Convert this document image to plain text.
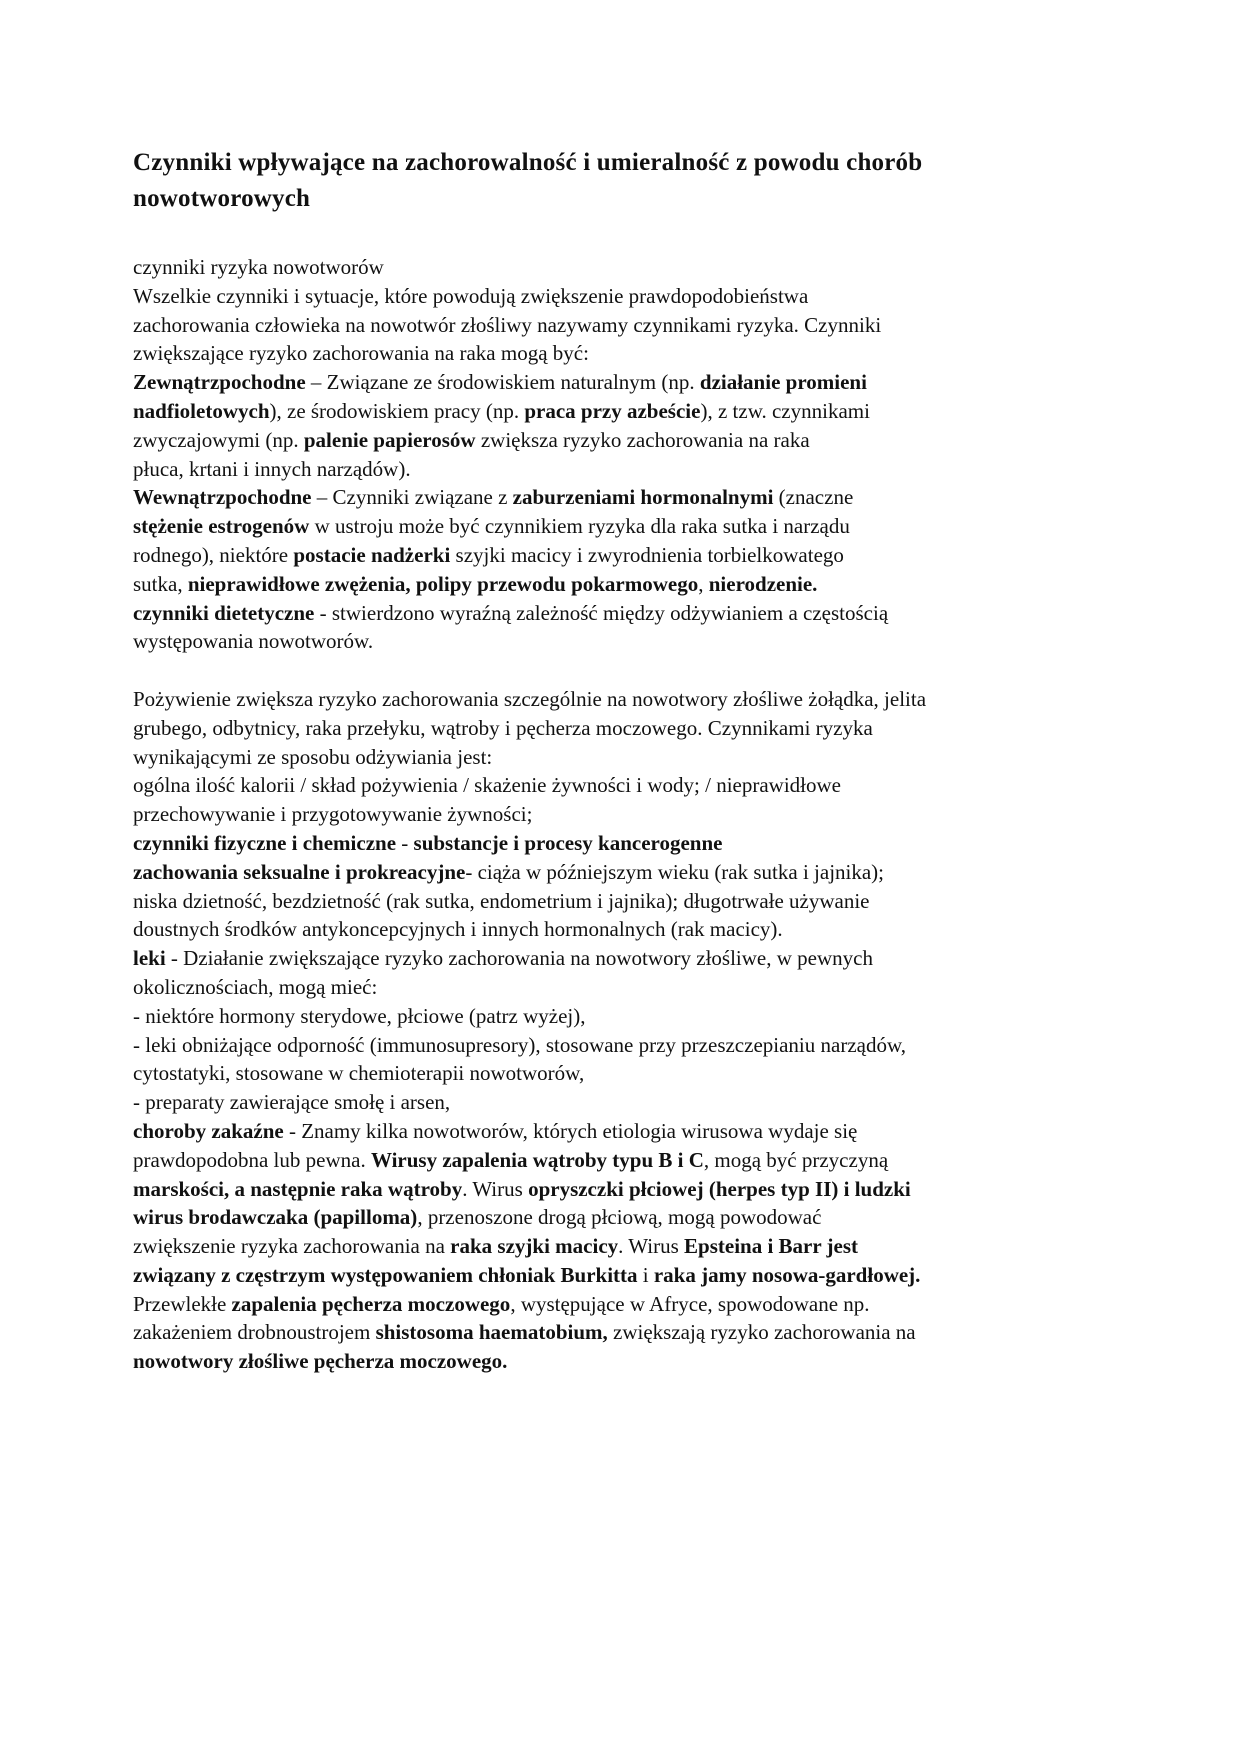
Czynniki wpływające na zachorowalność i umieralność z powodu chorób
nowotworowych
czynniki ryzyka nowotworów
Wszelkie czynniki i sytuacje, które powodują zwiększenie prawdopodobieństwa
zachorowania człowieka na nowotwór złośliwy nazywamy czynnikami ryzyka. Czynniki
zwiększające ryzyko zachorowania na raka mogą być:
Zewnątrzpochodne – Związane ze środowiskiem naturalnym (np. działanie promieni
nadfioletowych), ze środowiskiem pracy (np. praca przy azbeście), z tzw. czynnikami
zwyczajowymi (np. palenie papierosów zwiększa ryzyko zachorowania na raka
płuca, krtani i innych narządów).
Wewnątrzpochodne – Czynniki związane z zaburzeniami hormonalnymi (znaczne
stężenie estrogenów w ustroju może być czynnikiem ryzyka dla raka sutka i narządu
rodnego), niektóre postacie nadżerki szyjki macicy i zwyrodnienia torbielkowatego
sutka, nieprawidłowe zwężenia, polipy przewodu pokarmowego, nierodzenie.
czynniki dietetyczne - stwierdzono wyraźną zależność między odżywianiem a częstością
występowania nowotworów.
Pożywienie zwiększa ryzyko zachorowania szczególnie na nowotwory złośliwe żołądka, jelita
grubego, odbytnicy, raka przełyku, wątroby i pęcherza moczowego. Czynnikami ryzyka
wynikającymi ze sposobu odżywiania jest:
ogólna ilość kalorii / skład pożywienia / skażenie żywności i wody; / nieprawidłowe
przechowywanie i przygotowywanie żywności;
czynniki fizyczne i chemiczne - substancje i procesy kancerogenne
zachowania seksualne i prokreacyjne- ciąża w późniejszym wieku (rak sutka i jajnika);
niska dzietność, bezdzietność (rak sutka, endometrium i jajnika); długotrwałe używanie
doustnych środków antykoncepcyjnych i innych hormonalnych (rak macicy).
leki - Działanie zwiększające ryzyko zachorowania na nowotwory złośliwe, w pewnych
okolicznościach, mogą mieć:
- niektóre hormony sterydowe, płciowe (patrz wyżej),
- leki obniżające odporność (immunosupresory), stosowane przy przeszczepianiu narządów,
cytostatyki, stosowane w chemioterapii nowotworów,
- preparaty zawierające smołę i arsen,
choroby zakaźne - Znamy kilka nowotworów, których etiologia wirusowa wydaje się
prawdopodobna lub pewna. Wirusy zapalenia wątroby typu B i C, mogą być przyczyną
marskości, a następnie raka wątroby. Wirus opryszczki płciowej (herpes typ II) i ludzki
wirus brodawczaka (papilloma), przenoszone drogą płciową, mogą powodować
zwiększenie ryzyka zachorowania na raka szyjki macicy. Wirus Epsteina i Barr jest
związany z częstrzym występowaniem chłoniak Burkitta i raka jamy nosowa-gardłowej.
Przewlekłe zapalenia pęcherza moczowego, występujące w Afryce, spowodowane np.
zakażeniem drobnoustrojem shistosoma haematobium, zwiększają ryzyko zachorowania na
nowotwory złośliwe pęcherza moczowego.
